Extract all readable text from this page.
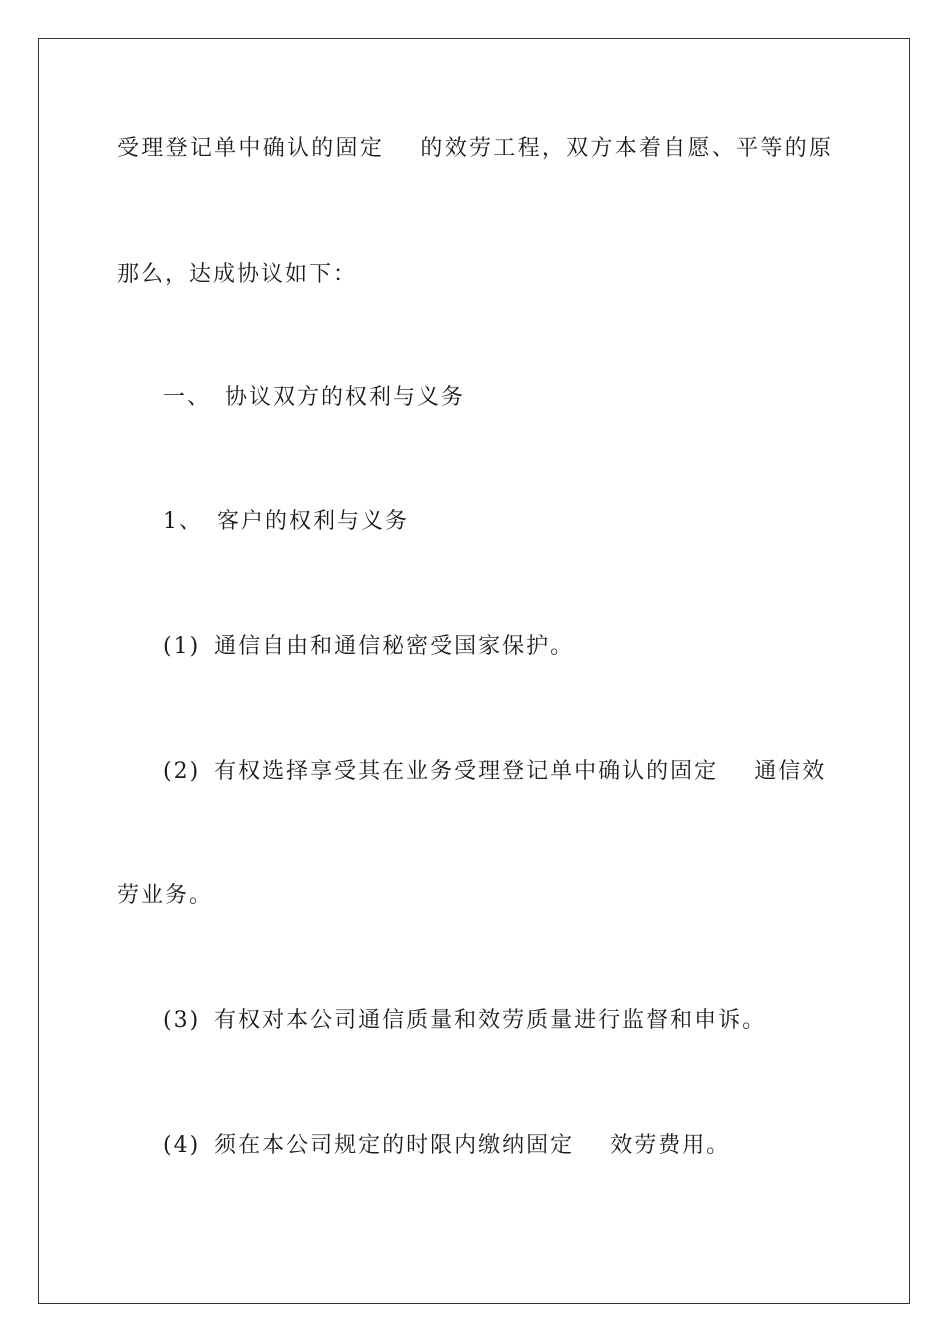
受理登记单中确认的固定 的效劳工程，双方本着自愿、平等的原
那么，达成协议如下：
一、 协议双方的权利与义务
1、 客户的权利与义务
(1) 通信自由和通信秘密受国家保护。
(2) 有权选择享受其在业务受理登记单中确认的固定 通信效
劳业务。
(3) 有权对本公司通信质量和效劳质量进行监督和申诉。
(4) 须在本公司规定的时限内缴纳固定 效劳费用。
